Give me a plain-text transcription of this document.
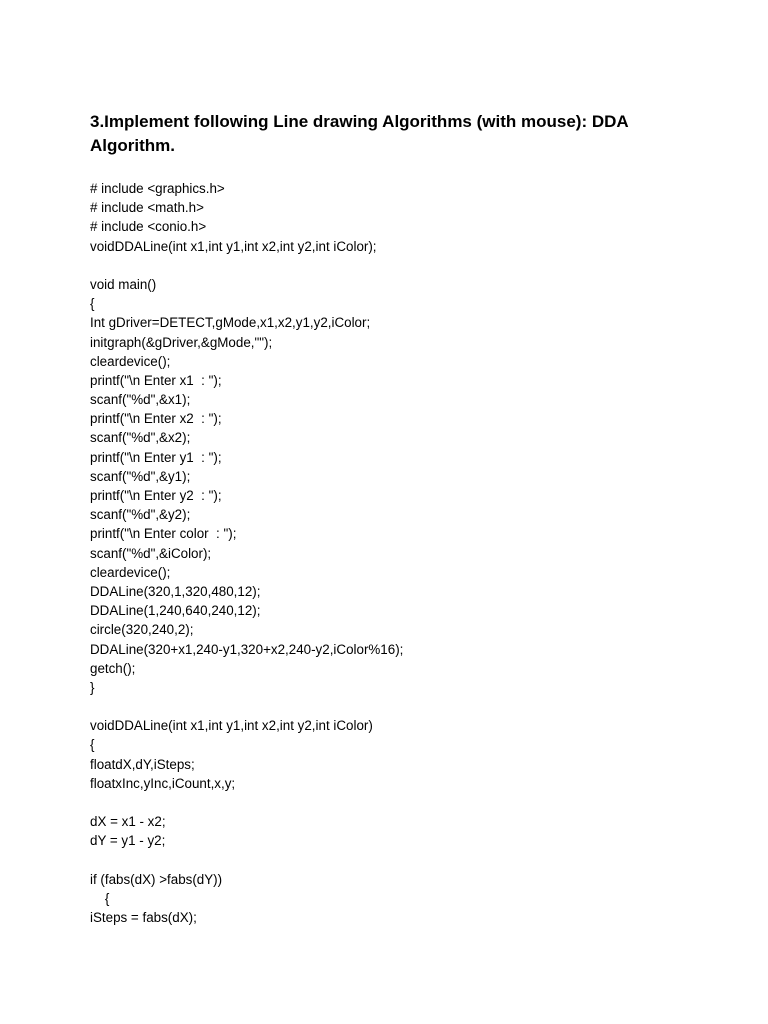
3.Implement following Line drawing Algorithms (with mouse): DDA Algorithm.
# include <graphics.h>
# include <math.h>
# include <conio.h>
voidDDALine(int x1,int y1,int x2,int y2,int iColor);
void main()
{
Int gDriver=DETECT,gMode,x1,x2,y1,y2,iColor;
initgraph(&gDriver,&gMode,"");
cleardevice();
printf("\n Enter x1  : ");
scanf("%d",&x1);
printf("\n Enter x2  : ");
scanf("%d",&x2);
printf("\n Enter y1  : ");
scanf("%d",&y1);
printf("\n Enter y2  : ");
scanf("%d",&y2);
printf("\n Enter color  : ");
scanf("%d",&iColor);
cleardevice();
DDALine(320,1,320,480,12);
DDALine(1,240,640,240,12);
circle(320,240,2);
DDALine(320+x1,240-y1,320+x2,240-y2,iColor%16);
getch();
}
voidDDALine(int x1,int y1,int x2,int y2,int iColor)
{
floatdX,dY,iSteps;
floatxInc,yInc,iCount,x,y;
dX = x1 - x2;
dY = y1 - y2;
if (fabs(dX) >fabs(dY))
{
iSteps = fabs(dX);
